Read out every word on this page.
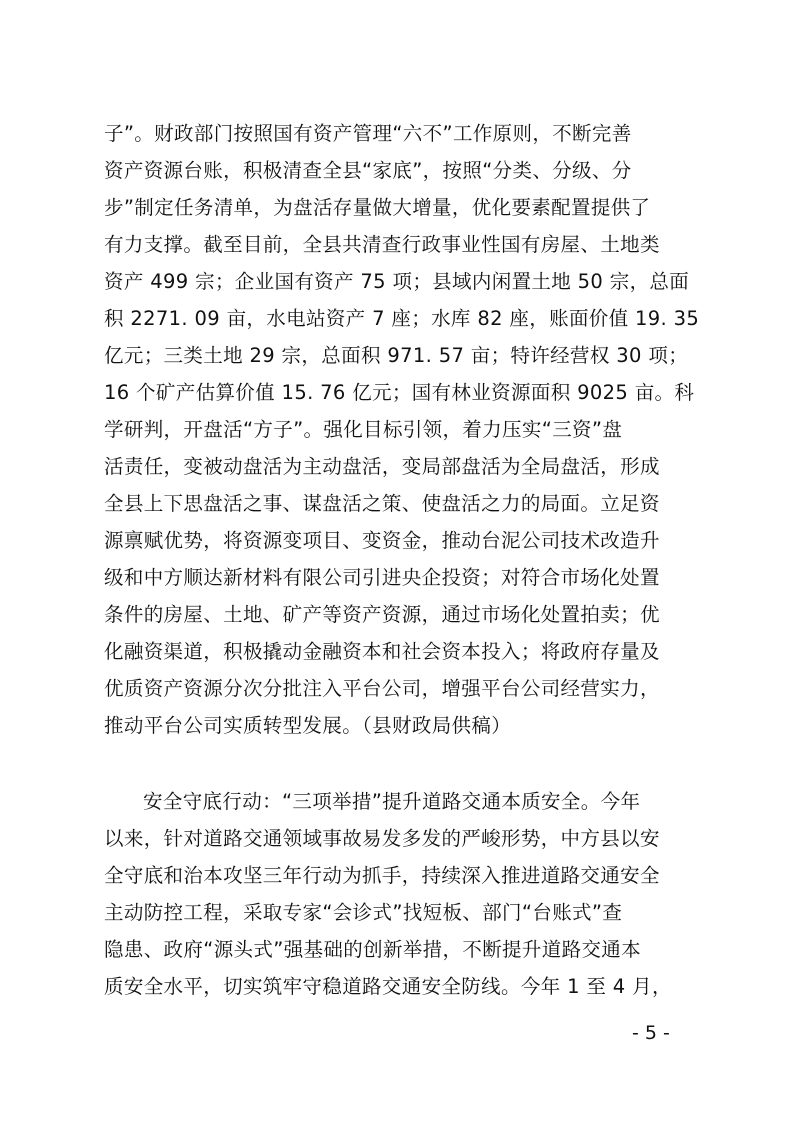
子”。财政部门按照国有资产管理“六不”工作原则，不断完善
资产资源台账，积极清查全县“家底”，按照“分类、分级、分
步”制定任务清单，为盘活存量做大增量，优化要素配置提供了
有力支撑。截至目前，全县共清查行政事业性国有房屋、土地类
资产 499 宗；企业国有资产 75 项；县域内闲置土地 50 宗，总面
积 2271. 09 亩，水电站资产 7 座；水库 82 座，账面价值 19. 35
亿元；三类土地 29 宗，总面积 971. 57 亩；特许经营权 30 项；
16 个矿产估算价值 15. 76 亿元；国有林业资源面积 9025 亩。科
学研判，开盘活“方子”。强化目标引领，着力压实“三资”盘
活责任，变被动盘活为主动盘活，变局部盘活为全局盘活，形成
全县上下思盘活之事、谋盘活之策、使盘活之力的局面。立足资
源禀赋优势，将资源变项目、变资金，推动台泥公司技术改造升
级和中方顺达新材料有限公司引进央企投资；对符合市场化处置
条件的房屋、土地、矿产等资产资源，通过市场化处置拍卖；优
化融资渠道，积极撬动金融资本和社会资本投入；将政府存量及
优质资产资源分次分批注入平台公司，增强平台公司经营实力，
推动平台公司实质转型发展。（县财政局供稿）
安全守底行动：“三项举措”提升道路交通本质安全。今年
以来，针对道路交通领域事故易发多发的严峻形势，中方县以安
全守底和治本攻坚三年行动为抓手，持续深入推进道路交通安全
主动防控工程，采取专家“会诊式”找短板、部门“台账式”查
隐患、政府“源头式”强基础的创新举措，不断提升道路交通本
质安全水平，切实筑牢守稳道路交通安全防线。今年 1 至 4 月，
- 5 -
